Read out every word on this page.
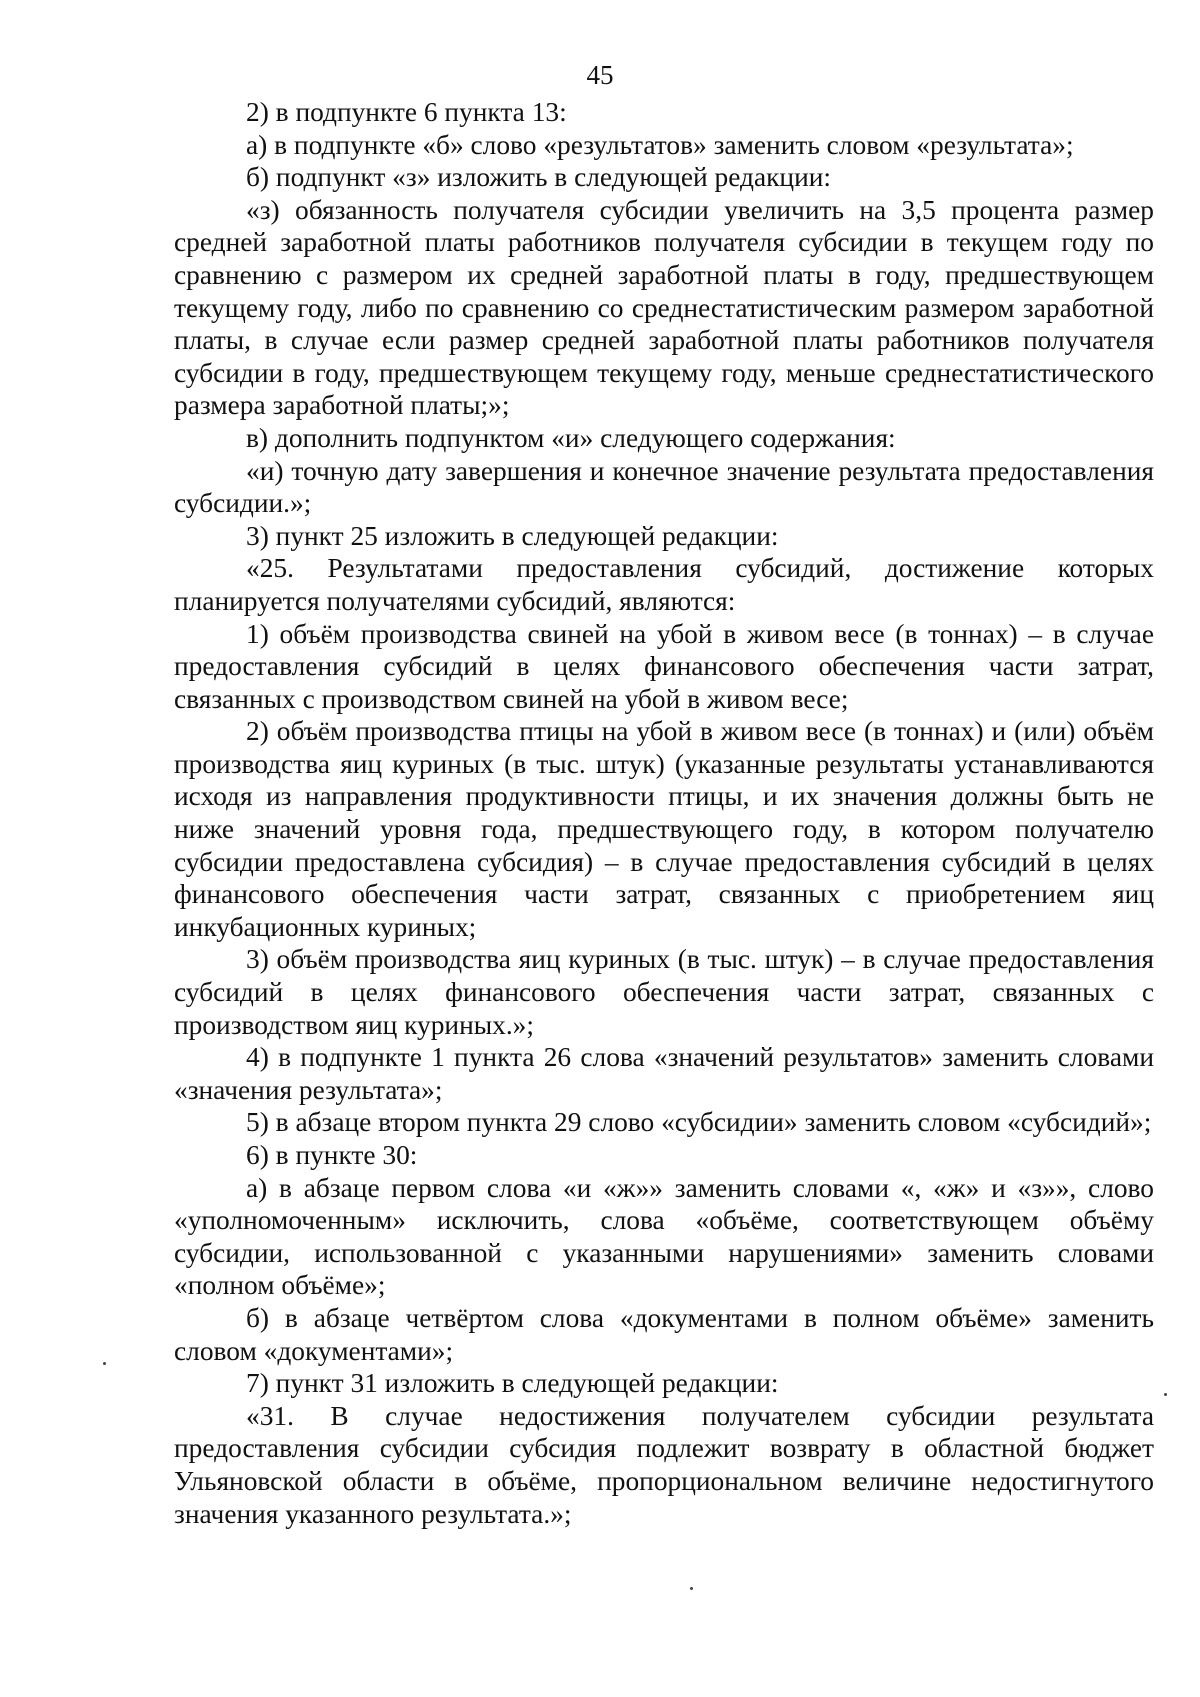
45

2) в подпункте 6 пункта 13:

а) в подпункте «б» слово «результатов» заменить словом «результата»;

б) подпункт «з» изложить в следующей редакции:

«з) обязанность получателя субсидии увеличить на 3,5 процента размер средней заработной платы работников получателя субсидии в текущем году по сравнению с размером их средней заработной платы в году, предшествующем текущему году, либо по сравнению со среднестатистическим размером заработной платы, в случае если размер средней заработной платы работников получателя субсидии в году, предшествующем текущему году, меньше среднестатистического размера заработной платы;»;

в) дополнить подпунктом «и» следующего содержания:

«и) точную дату завершения и конечное значение результата предоставления субсидии.»;

3) пункт 25 изложить в следующей редакции:

«25. Результатами предоставления субсидий, достижение которых планируется получателями субсидий, являются:

1) объём производства свиней на убой в живом весе (в тоннах) – в случае предоставления субсидий в целях финансового обеспечения части затрат, связанных с производством свиней на убой в живом весе;

2) объём производства птицы на убой в живом весе (в тоннах) и (или) объём производства яиц куриных (в тыс. штук) (указанные результаты устанавливаются исходя из направления продуктивности птицы, и их значения должны быть не ниже значений уровня года, предшествующего году, в котором получателю субсидии предоставлена субсидия) – в случае предоставления субсидий в целях финансового обеспечения части затрат, связанных с приобретением яиц инкубационных куриных;

3) объём производства яиц куриных (в тыс. штук) – в случае предоставления субсидий в целях финансового обеспечения части затрат, связанных с производством яиц куриных.»;

4) в подпункте 1 пункта 26 слова «значений результатов» заменить словами «значения результата»;

5) в абзаце втором пункта 29 слово «субсидии» заменить словом «субсидий»;

6) в пункте 30:

а) в абзаце первом слова «и «ж»» заменить словами «, «ж» и «з»», слово «уполномоченным» исключить, слова «объёме, соответствующем объёму субсидии, использованной с указанными нарушениями» заменить словами «полном объёме»;

б) в абзаце четвёртом слова «документами в полном объёме» заменить словом «документами»;

7) пункт 31 изложить в следующей редакции:

«31. В случае недостижения получателем субсидии результата предоставления субсидии субсидия подлежит возврату в областной бюджет Ульяновской области в объёме, пропорциональном величине недостигнутого значения указанного результата.»;
